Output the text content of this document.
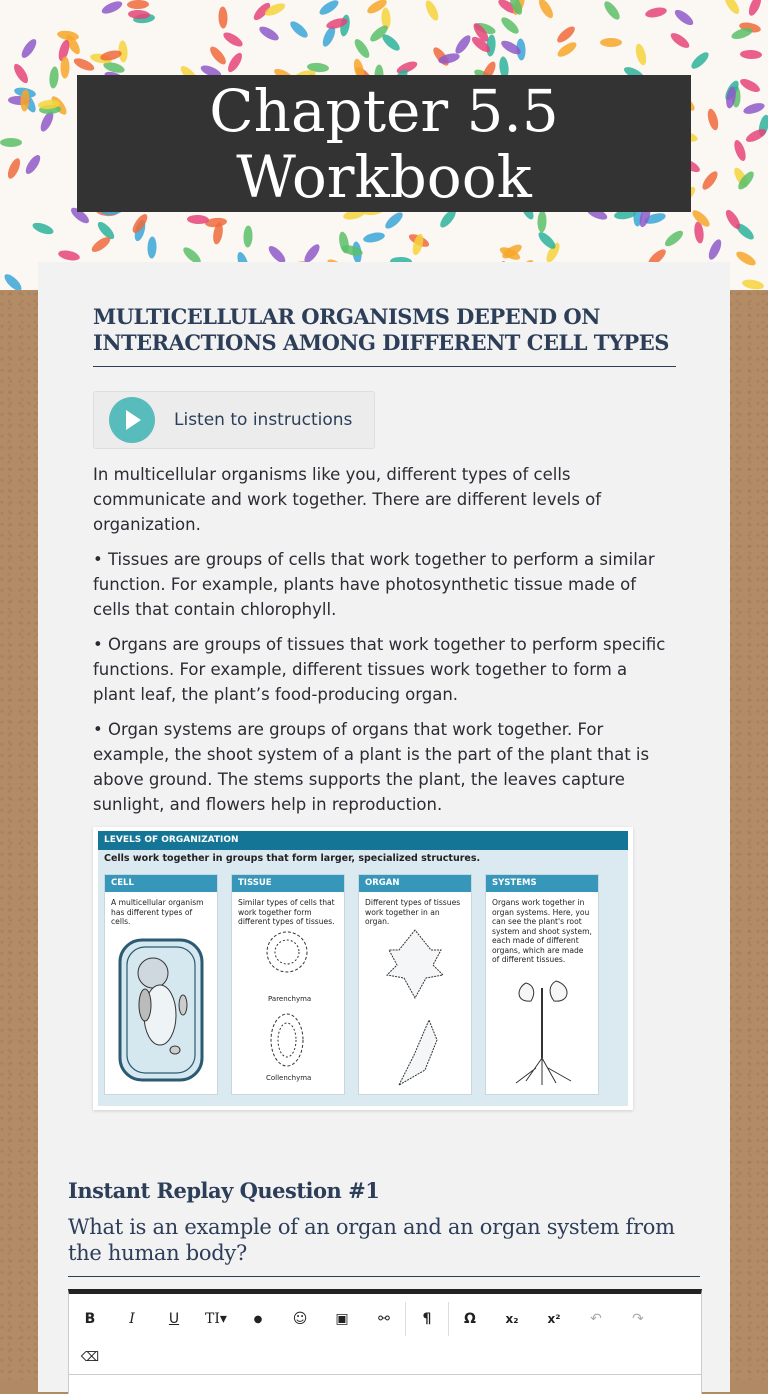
Chapter 5.5
Workbook
MULTICELLULAR ORGANISMS DEPEND ON INTERACTIONS AMONG DIFFERENT CELL TYPES
Listen to instructions

In multicellular organisms like you, different types of cells communicate and work together. There are different levels of organization.

• Tissues are groups of cells that work together to perform a similar function. For example, plants have photosynthetic tissue made of cells that contain chlorophyll.

• Organs are groups of tissues that work together to perform specific functions. For example, different tissues work together to form a plant leaf, the plant’s food-producing organ.

• Organ systems are groups of organs that work together. For example, the shoot system of a plant is the part of the plant that is above ground. The stems supports the plant, the leaves capture sunlight, and flowers help in reproduction.

LEVELS OF ORGANIZATION
Cells work together in groups that form larger, specialized structures.
CELL
A multicellular organism has different types of cells.
TISSUE
Similar types of cells that work together form different types of tissues.
Parenchyma
Collenchyma
ORGAN
Different types of tissues work together in an organ.
SYSTEMS
Organs work together in organ systems. Here, you can see the plant's root system and shoot system, each made of different organs, which are made of different tissues.
Instant Replay Question #1
What is an example of an organ and an organ system from the human body?
B	I	U	TI▾	●	☺	▣	⚯	¶	Ω	x₂	x²	↶	↷
⌫
